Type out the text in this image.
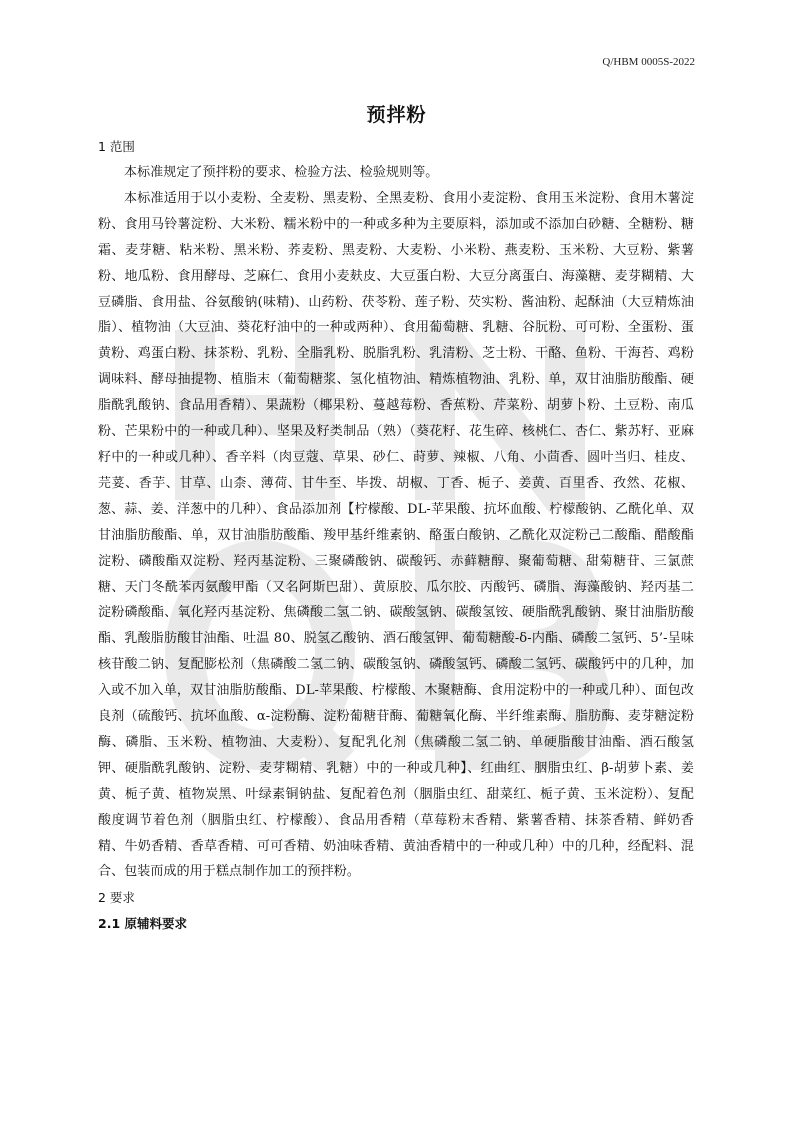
Q/HBM 0005S-2022
预拌粉
1 范围

本标准规定了预拌粉的要求、检验方法、检验规则等。

本标准适用于以小麦粉、全麦粉、黑麦粉、全黑麦粉、食用小麦淀粉、食用玉米淀粉、食用木薯淀粉、食用马铃薯淀粉、大米粉、糯米粉中的一种或多种为主要原料，添加或不添加白砂糖、全糖粉、糖霜、麦芽糖、粘米粉、黑米粉、荞麦粉、黑麦粉、大麦粉、小米粉、燕麦粉、玉米粉、大豆粉、紫薯粉、地瓜粉、食用酵母、芝麻仁、食用小麦麸皮、大豆蛋白粉、大豆分离蛋白、海藻糖、麦芽糊精、大豆磷脂、食用盐、谷氨酸钠(味精)、山药粉、茯苓粉、莲子粉、芡实粉、酱油粉、起酥油（大豆精炼油脂）、植物油（大豆油、葵花籽油中的一种或两种）、食用葡萄糖、乳糖、谷朊粉、可可粉、全蛋粉、蛋黄粉、鸡蛋白粉、抹茶粉、乳粉、全脂乳粉、脱脂乳粉、乳清粉、芝士粉、干酪、鱼粉、干海苔、鸡粉调味料、酵母抽提物、植脂末（葡萄糖浆、氢化植物油、精炼植物油、乳粉、单，双甘油脂肪酸酯、硬脂酰乳酸钠、食品用香精）、果蔬粉（椰果粉、蔓越莓粉、香蕉粉、芹菜粉、胡萝卜粉、土豆粉、南瓜粉、芒果粉中的一种或几种）、坚果及籽类制品（熟）（葵花籽、花生碎、核桃仁、杏仁、紫苏籽、亚麻籽中的一种或几种）、香辛料（肉豆蔻、草果、砂仁、莳萝、辣椒、八角、小茴香、圆叶当归、桂皮、芫荽、香芋、甘草、山柰、薄荷、甘牛至、毕拨、胡椒、丁香、栀子、姜黄、百里香、孜然、花椒、葱、蒜、姜、洋葱中的几种）、食品添加剂【柠檬酸、DL-苹果酸、抗坏血酸、柠檬酸钠、乙酰化单、双甘油脂肪酸酯、单，双甘油脂肪酸酯、羧甲基纤维素钠、酪蛋白酸钠、乙酰化双淀粉己二酸酯、醋酸酯淀粉、磷酸酯双淀粉、羟丙基淀粉、三聚磷酸钠、碳酸钙、赤藓糖醇、聚葡萄糖、甜菊糖苷、三氯蔗糖、天门冬酰苯丙氨酸甲酯（又名阿斯巴甜）、黄原胶、瓜尔胶、丙酸钙、磷脂、海藻酸钠、羟丙基二淀粉磷酸酯、氧化羟丙基淀粉、焦磷酸二氢二钠、碳酸氢钠、碳酸氢铵、硬脂酰乳酸钠、聚甘油脂肪酸酯、乳酸脂肪酸甘油酯、吐温 80、脱氢乙酸钠、酒石酸氢钾、葡萄糖酸-δ-内酯、磷酸二氢钙、5’-呈味核苷酸二钠、复配膨松剂（焦磷酸二氢二钠、碳酸氢钠、磷酸氢钙、磷酸二氢钙、碳酸钙中的几种，加入或不加入单，双甘油脂肪酸酯、DL-苹果酸、柠檬酸、木聚糖酶、食用淀粉中的一种或几种）、面包改良剂（硫酸钙、抗坏血酸、α-淀粉酶、淀粉葡糖苷酶、葡糖氧化酶、半纤维素酶、脂肪酶、麦芽糖淀粉酶、磷脂、玉米粉、植物油、大麦粉）、复配乳化剂（焦磷酸二氢二钠、单硬脂酸甘油酯、酒石酸氢钾、硬脂酰乳酸钠、淀粉、麦芽糊精、乳糖）中的一种或几种】、红曲红、胭脂虫红、β-胡萝卜素、姜黄、栀子黄、植物炭黑、叶绿素铜钠盐、复配着色剂（胭脂虫红、甜菜红、栀子黄、玉米淀粉）、复配酸度调节着色剂（胭脂虫红、柠檬酸）、食品用香精（草莓粉末香精、紫薯香精、抹茶香精、鲜奶香精、牛奶香精、香草香精、可可香精、奶油味香精、黄油香精中的一种或几种）中的几种，经配料、混合、包装而成的用于糕点制作加工的预拌粉。

2 要求
2.1 原辅料要求
